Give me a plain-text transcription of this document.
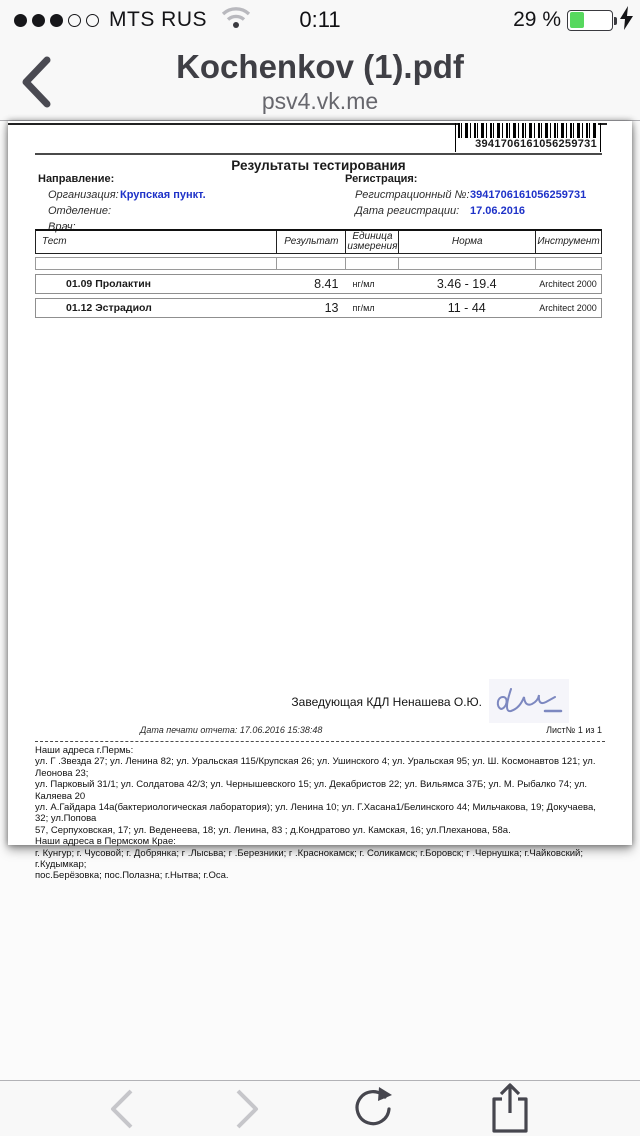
MTS RUS	0:11	29 %
Kochenkov (1).pdf
psv4.vk.me
3941706161056259731
Результаты тестирования
Направление:
Организация: Крупская пункт.
Отделение:
Врач:
Регистрация:
Регистрационный №: 3941706161056259731
Дата регистрации: 17.06.2016
Тест	Результат	Единица измерения	Норма	Инструмент
01.09 Пролактин	8.41	нг/мл	3.46 - 19.4	Architect 2000
01.12 Эстрадиол	13	пг/мл	11 - 44	Architect 2000
Заведующая КДЛ Ненашева О.Ю.
Дата печати отчета: 17.06.2016 15:38:48	Лист№ 1 из 1
Наши адреса г.Пермь:
ул. Г .Звезда 27; ул. Ленина 82; ул. Уральская 115/Крупская 26; ул. Ушинского 4; ул. Уральская 95; ул. Ш. Космонавтов 121; ул. Леонова 23;
ул. Парковый 31/1; ул. Солдатова 42/3; ул. Чернышевского 15; ул. Декабристов 22; ул. Вильямса 37Б; ул. М. Рыбалко 74; ул. Каляева 20
ул. А.Гайдара 14а(бактериологическая лаборатория); ул. Ленина 10; ул. Г.Хасана1/Белинского 44; Мильчакова, 19; Докучаева, 32; ул.Попова
57, Серпуховская, 17; ул. Веденеева, 18; ул. Ленина, 83 ; д.Кондратово ул. Камская, 16; ул.Плеханова, 58а.
Наши адреса в Пермском Крае:
г. Кунгур; г. Чусовой; г. Добрянка; г .Лысьва; г .Березники; г .Краснокамск; г. Соликамск; г.Боровск; г .Чернушка; г.Чайковский; г.Кудымкар;
пос.Берёзовка; пос.Полазна; г.Нытва; г.Оса.
